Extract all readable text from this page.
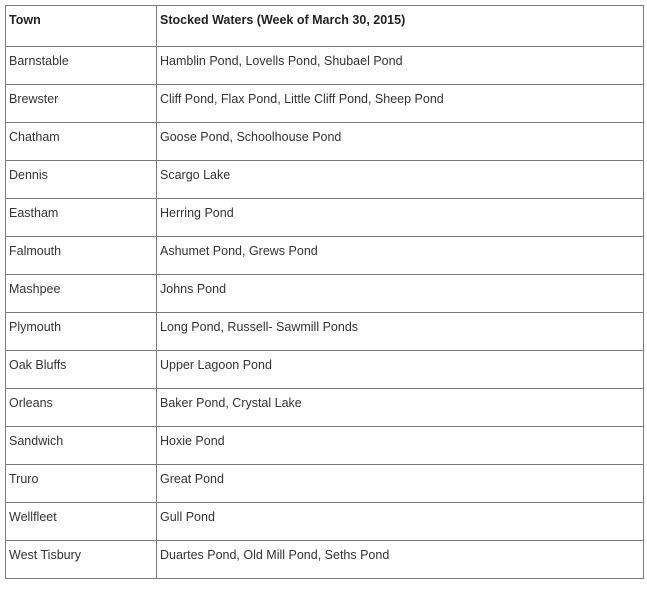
Town	Stocked Waters (Week of March 30, 2015)
Barnstable	Hamblin Pond, Lovells Pond, Shubael Pond
Brewster	Cliff Pond, Flax Pond, Little Cliff Pond, Sheep Pond
Chatham	Goose Pond, Schoolhouse Pond
Dennis	Scargo Lake
Eastham	Herring Pond
Falmouth	Ashumet Pond, Grews Pond
Mashpee	Johns Pond
Plymouth	Long Pond, Russell- Sawmill Ponds
Oak Bluffs	Upper Lagoon Pond
Orleans	Baker Pond, Crystal Lake
Sandwich	Hoxie Pond
Truro	Great Pond
Wellfleet	Gull Pond
West Tisbury	Duartes Pond, Old Mill Pond, Seths Pond
